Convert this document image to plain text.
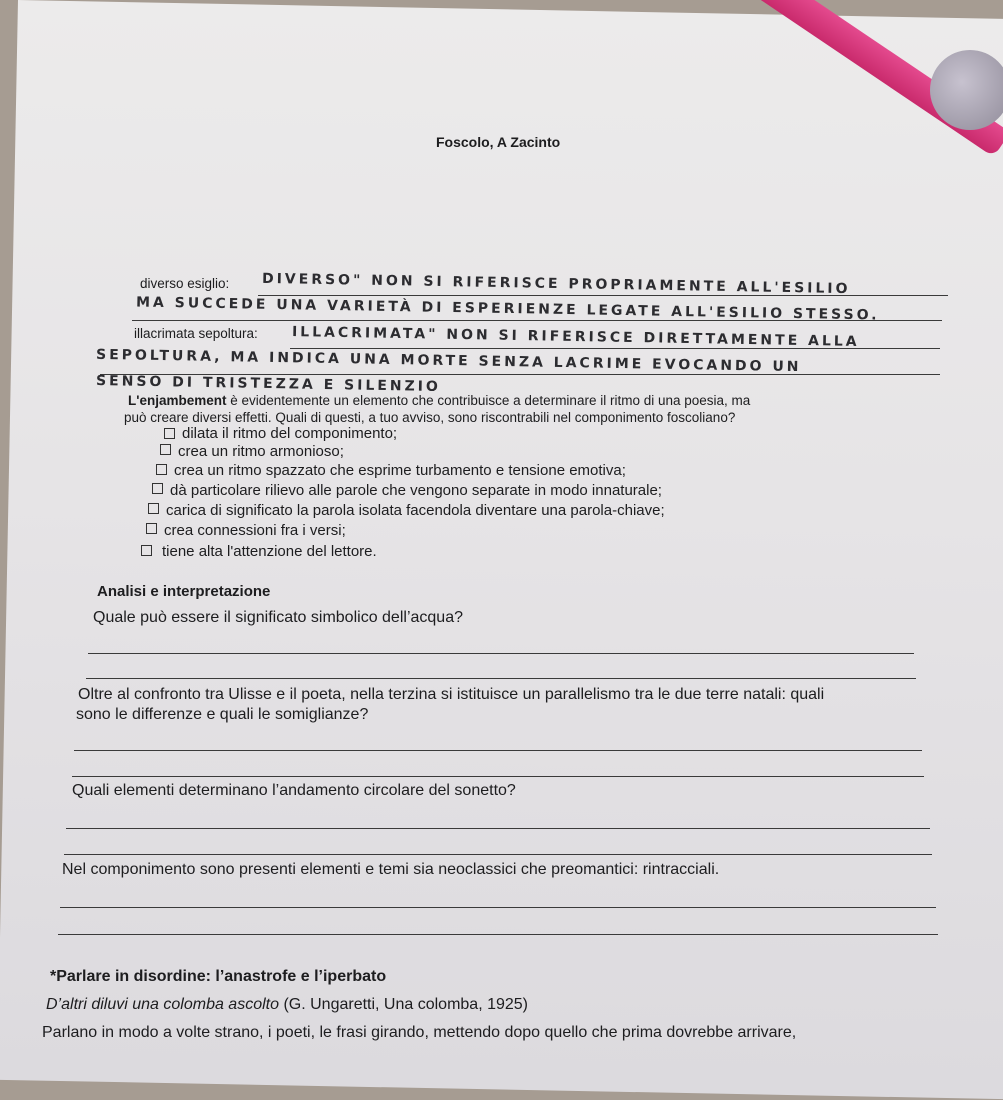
Foscolo, A Zacinto
diverso esiglio: DIVERSO" NON SI RIFERISCE PROPRIAMENTE ALL'ESILIO
MA SUCCEDE UNA VARIETÀ DI ESPERIENZE LEGATE ALL'ESILIO STESSO.
illacrimata sepoltura: ILLACRIMATA" NON SI RIFERISCE DIRETTAMENTE ALLA
SEPOLTURA, MA INDICA UNA MORTE SENZA LACRIME EVOCANDO UN
SENSO DI TRISTEZZA E SILENZIO
L'enjambement è evidentemente un elemento che contribuisce a determinare il ritmo di una poesia, ma
può creare diversi effetti. Quali di questi, a tuo avviso, sono riscontrabili nel componimento foscoliano?
dilata il ritmo del componimento;
crea un ritmo armonioso;
crea un ritmo spazzato che esprime turbamento e tensione emotiva;
dà particolare rilievo alle parole che vengono separate in modo innaturale;
carica di significato la parola isolata facendola diventare una parola-chiave;
crea connessioni fra i versi;
tiene alta l'attenzione del lettore.
Analisi e interpretazione
Quale può essere il significato simbolico dell’acqua?
Oltre al confronto tra Ulisse e il poeta, nella terzina si istituisce un parallelismo tra le due terre natali: quali
sono le differenze e quali le somiglianze?
Quali elementi determinano l’andamento circolare del sonetto?
Nel componimento sono presenti elementi e temi sia neoclassici che preomantici: rintracciali.
*Parlare in disordine: l’anastrofe e l’iperbato
D’altri diluvi una colomba ascolto (G. Ungaretti, Una colomba, 1925)
Parlano in modo a volte strano, i poeti, le frasi girando, mettendo dopo quello che prima dovrebbe arrivare,
